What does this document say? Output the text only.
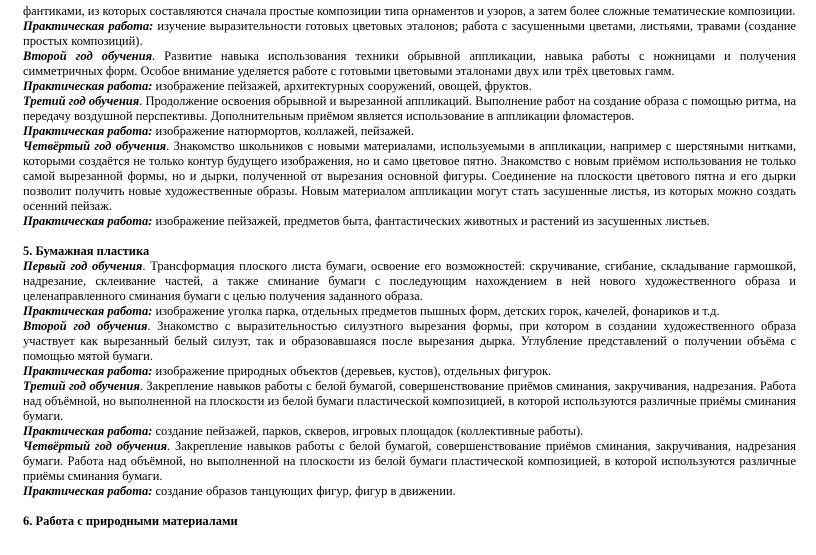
фантиками, из которых составляются сначала простые композиции типа орнаментов и узоров, а затем более сложные тематические композиции.
Практическая работа: изучение выразительности готовых цветовых эталонов; работа с засушенными цветами, листьями, травами (создание простых композиций).
Второй год обучения. Развитие навыка использования техники обрывной аппликации, навыка работы с ножницами и получения симметричных форм. Особое внимание уделяется работе с готовыми цветовыми эталонами двух или трёх цветовых гамм.
Практическая работа: изображение пейзажей, архитектурных сооружений, овощей, фруктов.
Третий год обучения. Продолжение освоения обрывной и вырезанной аппликаций. Выполнение работ на создание образа с помощью ритма, на передачу воздушной перспективы. Дополнительным приёмом является использование в аппликации фломастеров.
Практическая работа: изображение натюрмортов, коллажей, пейзажей.
Четвёртый год обучения. Знакомство школьников с новыми материалами, используемыми в аппликации, например с шерстяными нитками, которыми создаётся не только контур будущего изображения, но и само цветовое пятно. Знакомство с новым приёмом использования не только самой вырезанной формы, но и дырки, полученной от вырезания основной фигуры. Соединение на плоскости цветового пятна и его дырки позволит получить новые художественные образы. Новым материалом аппликации могут стать засушенные листья, из которых можно создать осенний пейзаж.
Практическая работа: изображение пейзажей, предметов быта, фантастических животных и растений из засушенных листьев.
5. Бумажная пластика
Первый год обучения. Трансформация плоского листа бумаги, освоение его возможностей: скручивание, сгибание, складывание гармошкой, надрезание, склеивание частей, а также сминание бумаги с последующим нахождением в ней нового художественного образа и целенаправленного сминания бумаги с целью получения заданного образа.
Практическая работа: изображение уголка парка, отдельных предметов пышных форм, детских горок, качелей, фонариков и т.д.
Второй год обучения. Знакомство с выразительностью силуэтного вырезания формы, при котором в создании художественного образа участвует как вырезанный белый силуэт, так и образовавшаяся после вырезания дырка. Углубление представлений о получении объёма с помощью мятой бумаги.
Практическая работа: изображение природных объектов (деревьев, кустов), отдельных фигурок.
Третий год обучения. Закрепление навыков работы с белой бумагой, совершенствование приёмов сминания, закручивания, надрезания. Работа над объёмной, но выполненной на плоскости из белой бумаги пластической композицией, в которой используются различные приёмы сминания бумаги.
Практическая работа: создание пейзажей, парков, скверов, игровых площадок (коллективные работы).
Четвёртый год обучения. Закрепление навыков работы с белой бумагой, совершенствование приёмов сминания, закручивания, надрезания бумаги. Работа над объёмной, но выполненной на плоскости из белой бумаги пластической композицией, в которой используются различные приёмы сминания бумаги.
Практическая работа: создание образов танцующих фигур, фигур в движении.
6. Работа с природными материалами
